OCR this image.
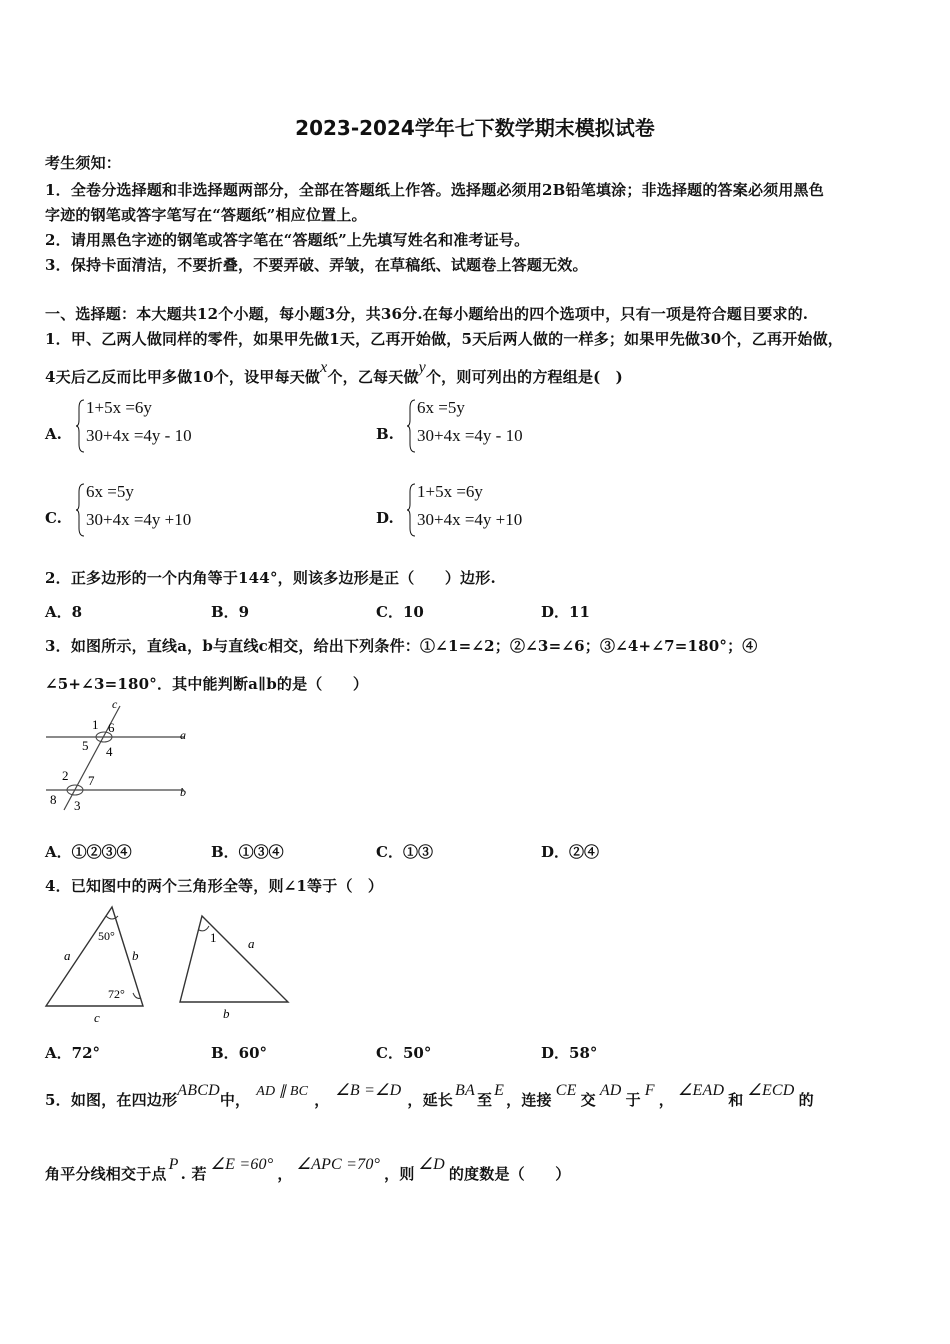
2023-2024学年七下数学期末模拟试卷
考生须知：
1．全卷分选择题和非选择题两部分，全部在答题纸上作答。选择题必须用2B铅笔填涂；非选择题的答案必须用黑色
字迹的钢笔或答字笔写在“答题纸”相应位置上。
2．请用黑色字迹的钢笔或答字笔在“答题纸”上先填写姓名和准考证号。
3．保持卡面清洁，不要折叠，不要弄破、弄皱，在草稿纸、试题卷上答题无效。
一、选择题：本大题共12个小题，每小题3分，共36分.在每小题给出的四个选项中，只有一项是符合题目要求的.
1．甲、乙两人做同样的零件，如果甲先做1天，乙再开始做，5天后两人做的一样多；如果甲先做30个，乙再开始做，
4天后乙反而比甲多做10个，设甲每天做x个，乙每天做y个，则可列出的方程组是(　)
A.
1+5x =6y
30+4x =4y - 10	B.
6x =5y
30+4x =4y - 10
C.
6x =5y
30+4x =4y +10	D.
1+5x =6y
30+4x =4y +10
2．正多边形的一个内角等于144°，则该多边形是正（　　）边形.
A．8	B．9	C．10	D．11
3．如图所示，直线a，b与直线c相交，给出下列条件：①∠1=∠2；②∠3=∠6；③∠4+∠7=180°；④
∠5+∠3=180°．其中能判断a∥b的是（　　）
c
1 6
5 4
a
2 7
8 3
b
A．①②③④	B．①③④	C．①③	D．②④
4．已知图中的两个三角形全等，则∠1等于（　）
50°
a	b
72°
c
1 a
b
A．72°	B．60°	C．50°	D．58°
5．如图，在四边形ABCD中， AD ∥ BC ，∠B =∠D，延长BA至E，连接CE交AD于F，∠EAD和∠ECD的
角平分线相交于点P. 若∠E =60°，∠APC =70°，则∠D的度数是（　　）
